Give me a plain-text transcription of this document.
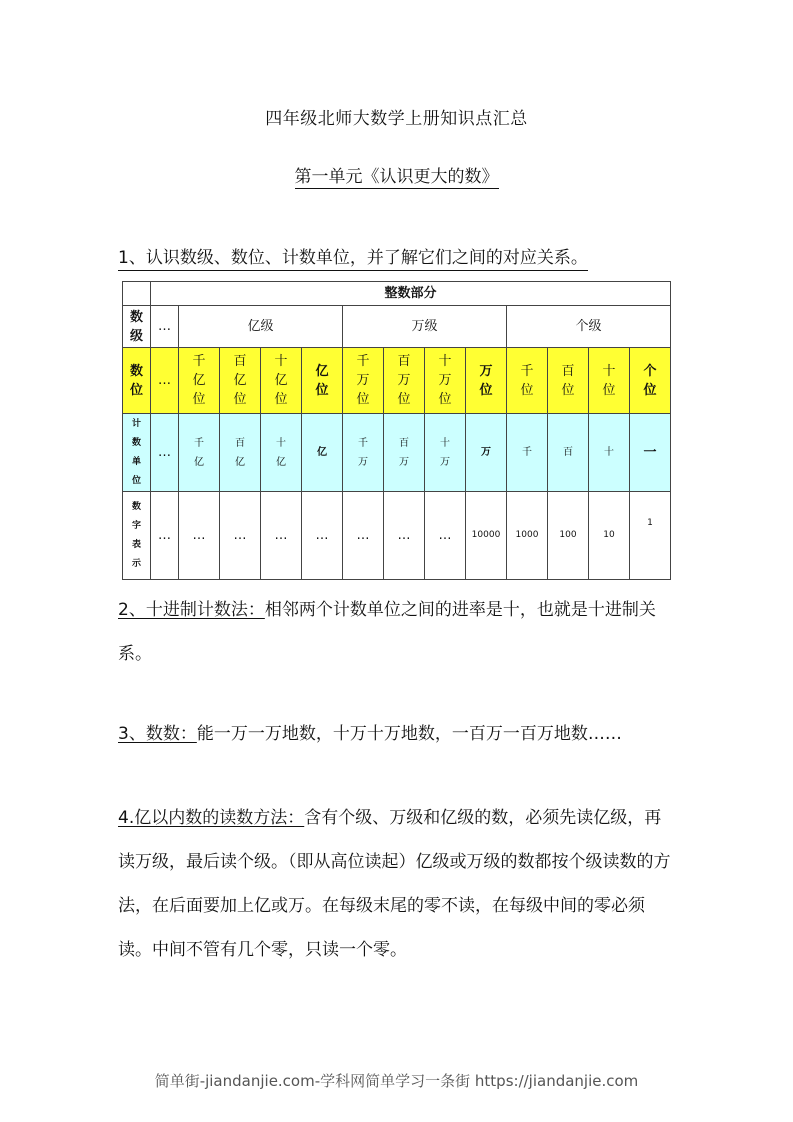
四年级北师大数学上册知识点汇总
第一单元《认识更大的数》
1、认识数级、数位、计数单位，并了解它们之间的对应关系。
	整数部分												
数级	…	亿级				万级				个级			
数位	…	千亿位	百亿位	十亿位	亿位	千万位	百万位	十万位	万位	千位	百位	十位	个位
计数单位	…	千亿	百亿	十亿	亿	千万	百万	十万	万	千	百	十	一
数字表示	…	…	…	…	…	…	…	…	10000	1000	100	10	1
2、十进制计数法：相邻两个计数单位之间的进率是十，也就是十进制关系。
3、数数：能一万一万地数，十万十万地数，一百万一百万地数……
4.亿以内数的读数方法：含有个级、万级和亿级的数，必须先读亿级，再读万级，最后读个级。（即从高位读起）亿级或万级的数都按个级读数的方法，在后面要加上亿或万。在每级末尾的零不读，在每级中间的零必须读。中间不管有几个零，只读一个零。
简单街-jiandanjie.com-学科网简单学习一条街 https://jiandanjie.com
